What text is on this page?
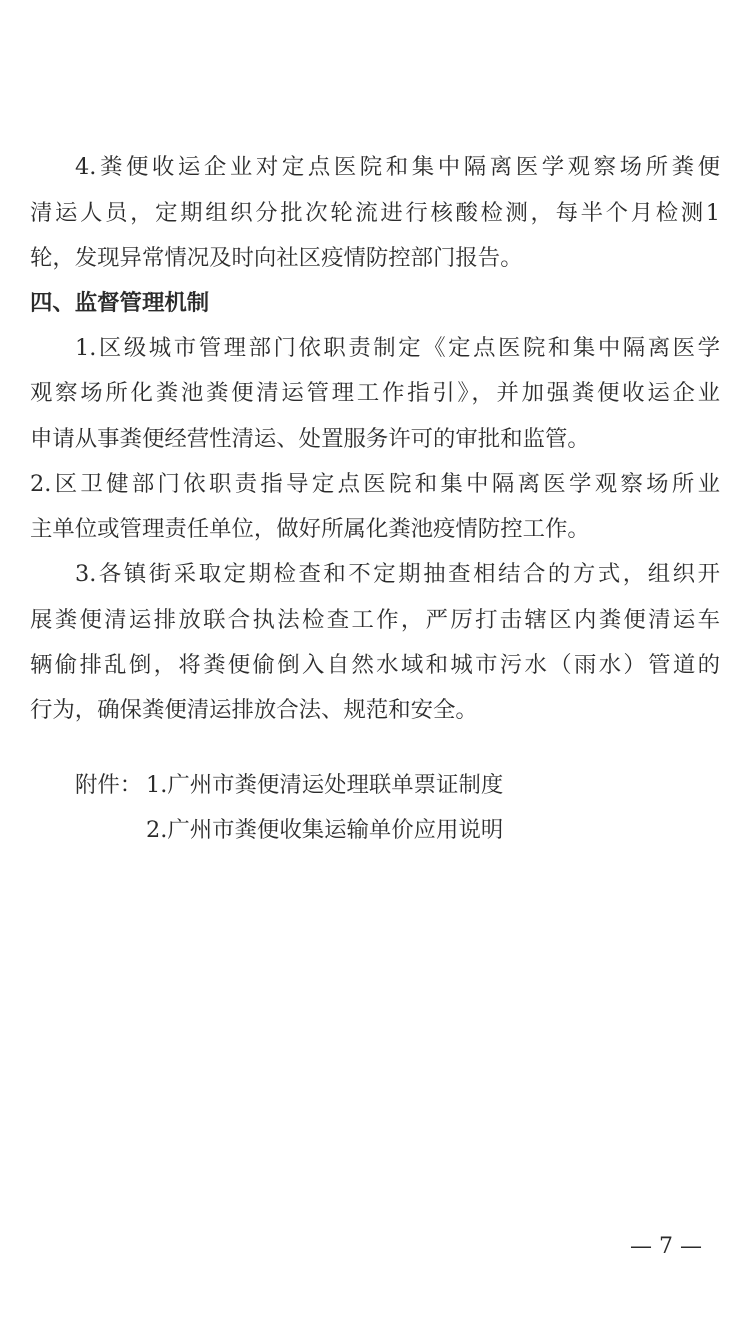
4.粪便收运企业对定点医院和集中隔离医学观察场所粪便
清运人员，定期组织分批次轮流进行核酸检测，每半个月检测1
轮，发现异常情况及时向社区疫情防控部门报告。
四、监督管理机制
1.区级城市管理部门依职责制定《定点医院和集中隔离医学
观察场所化粪池粪便清运管理工作指引》，并加强粪便收运企业
申请从事粪便经营性清运、处置服务许可的审批和监管。
2.区卫健部门依职责指导定点医院和集中隔离医学观察场所业
主单位或管理责任单位，做好所属化粪池疫情防控工作。
3.各镇街采取定期检查和不定期抽查相结合的方式，组织开
展粪便清运排放联合执法检查工作，严厉打击辖区内粪便清运车
辆偷排乱倒，将粪便偷倒入自然水域和城市污水（雨水）管道的
行为，确保粪便清运排放合法、规范和安全。
附件： 1.广州市粪便清运处理联单票证制度
2.广州市粪便收集运输单价应用说明
— 7 —
